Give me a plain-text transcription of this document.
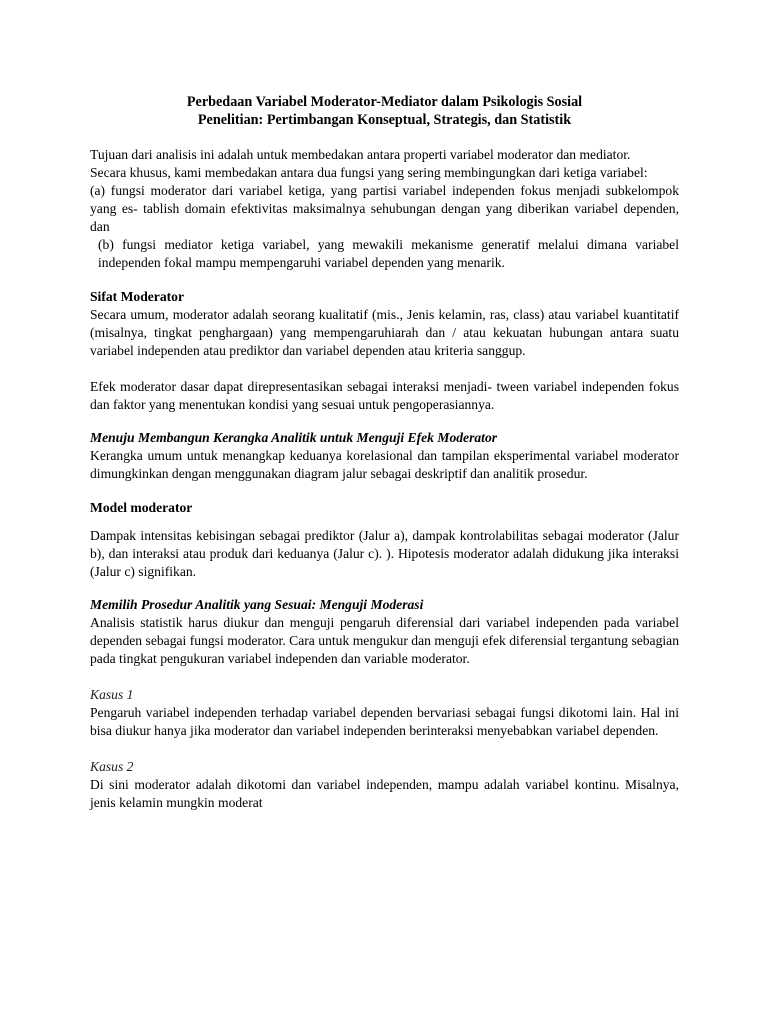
Perbedaan Variabel Moderator-Mediator dalam Psikologis Sosial

Penelitian: Pertimbangan Konseptual, Strategis, dan Statistik

Tujuan dari analisis ini adalah untuk membedakan antara properti variabel moderator dan mediator.

Secara khusus, kami membedakan antara dua fungsi yang sering membingungkan dari ketiga variabel:

(a) fungsi moderator dari variabel ketiga, yang partisi variabel independen fokus menjadi subkelompok yang es- tablish domain efektivitas maksimalnya sehubungan dengan yang diberikan variabel dependen, dan

(b) fungsi mediator ketiga variabel, yang mewakili mekanisme generatif melalui dimana variabel independen fokal mampu mempengaruhi variabel dependen yang menarik.

Sifat Moderator

Secara umum, moderator adalah seorang kualitatif (mis., Jenis kelamin, ras, class) atau variabel kuantitatif (misalnya, tingkat penghargaan) yang mempengaruhiarah dan / atau kekuatan hubungan antara suatu variabel independen atau prediktor dan variabel dependen atau kriteria sanggup.

Efek moderator dasar dapat direpresentasikan sebagai interaksi menjadi- tween variabel independen fokus dan faktor yang menentukan kondisi yang sesuai untuk pengoperasiannya.

Menuju Membangun Kerangka Analitik untuk Menguji Efek Moderator

Kerangka umum untuk menangkap keduanya korelasional dan tampilan eksperimental variabel moderator dimungkinkan dengan menggunakan diagram jalur sebagai deskriptif dan analitik prosedur.

Model moderator

Dampak intensitas kebisingan sebagai prediktor (Jalur a), dampak kontrolabilitas sebagai moderator (Jalur b), dan interaksi atau produk dari keduanya (Jalur c). ). Hipotesis moderator adalah didukung jika interaksi (Jalur c) signifikan.

Memilih Prosedur Analitik yang Sesuai: Menguji Moderasi

Analisis statistik harus diukur dan menguji pengaruh diferensial dari variabel independen pada variabel dependen sebagai fungsi moderator. Cara untuk mengukur dan menguji efek diferensial tergantung sebagian pada tingkat pengukuran variabel independen dan variable moderator.

Kasus 1

Pengaruh variabel independen terhadap variabel dependen bervariasi sebagai fungsi dikotomi lain. Hal ini bisa diukur hanya jika moderator dan variabel independen berinteraksi menyebabkan variabel dependen.

Kasus 2

Di sini moderator adalah dikotomi dan variabel independen, mampu adalah variabel kontinu. Misalnya, jenis kelamin mungkin moderat
